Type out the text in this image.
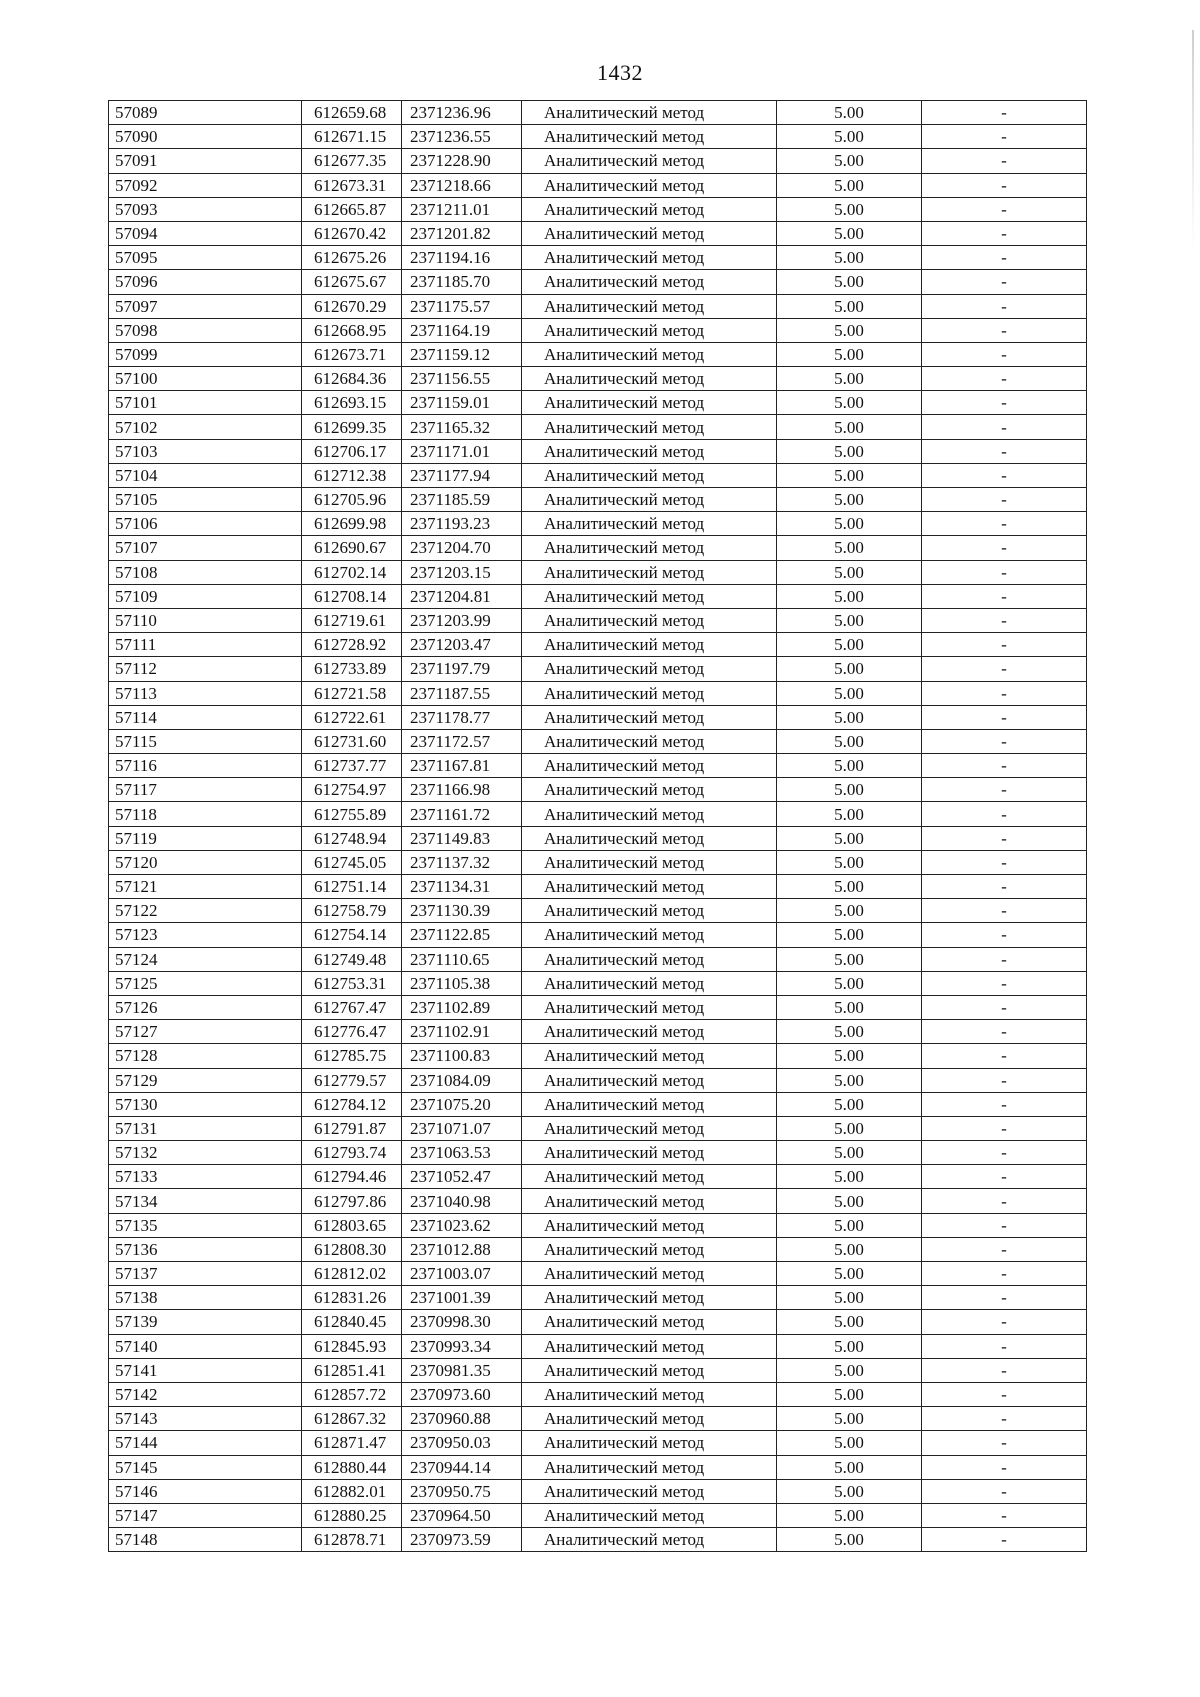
1432
57089	612659.68	2371236.96	Аналитический метод	5.00	-
57090	612671.15	2371236.55	Аналитический метод	5.00	-
57091	612677.35	2371228.90	Аналитический метод	5.00	-
57092	612673.31	2371218.66	Аналитический метод	5.00	-
57093	612665.87	2371211.01	Аналитический метод	5.00	-
57094	612670.42	2371201.82	Аналитический метод	5.00	-
57095	612675.26	2371194.16	Аналитический метод	5.00	-
57096	612675.67	2371185.70	Аналитический метод	5.00	-
57097	612670.29	2371175.57	Аналитический метод	5.00	-
57098	612668.95	2371164.19	Аналитический метод	5.00	-
57099	612673.71	2371159.12	Аналитический метод	5.00	-
57100	612684.36	2371156.55	Аналитический метод	5.00	-
57101	612693.15	2371159.01	Аналитический метод	5.00	-
57102	612699.35	2371165.32	Аналитический метод	5.00	-
57103	612706.17	2371171.01	Аналитический метод	5.00	-
57104	612712.38	2371177.94	Аналитический метод	5.00	-
57105	612705.96	2371185.59	Аналитический метод	5.00	-
57106	612699.98	2371193.23	Аналитический метод	5.00	-
57107	612690.67	2371204.70	Аналитический метод	5.00	-
57108	612702.14	2371203.15	Аналитический метод	5.00	-
57109	612708.14	2371204.81	Аналитический метод	5.00	-
57110	612719.61	2371203.99	Аналитический метод	5.00	-
57111	612728.92	2371203.47	Аналитический метод	5.00	-
57112	612733.89	2371197.79	Аналитический метод	5.00	-
57113	612721.58	2371187.55	Аналитический метод	5.00	-
57114	612722.61	2371178.77	Аналитический метод	5.00	-
57115	612731.60	2371172.57	Аналитический метод	5.00	-
57116	612737.77	2371167.81	Аналитический метод	5.00	-
57117	612754.97	2371166.98	Аналитический метод	5.00	-
57118	612755.89	2371161.72	Аналитический метод	5.00	-
57119	612748.94	2371149.83	Аналитический метод	5.00	-
57120	612745.05	2371137.32	Аналитический метод	5.00	-
57121	612751.14	2371134.31	Аналитический метод	5.00	-
57122	612758.79	2371130.39	Аналитический метод	5.00	-
57123	612754.14	2371122.85	Аналитический метод	5.00	-
57124	612749.48	2371110.65	Аналитический метод	5.00	-
57125	612753.31	2371105.38	Аналитический метод	5.00	-
57126	612767.47	2371102.89	Аналитический метод	5.00	-
57127	612776.47	2371102.91	Аналитический метод	5.00	-
57128	612785.75	2371100.83	Аналитический метод	5.00	-
57129	612779.57	2371084.09	Аналитический метод	5.00	-
57130	612784.12	2371075.20	Аналитический метод	5.00	-
57131	612791.87	2371071.07	Аналитический метод	5.00	-
57132	612793.74	2371063.53	Аналитический метод	5.00	-
57133	612794.46	2371052.47	Аналитический метод	5.00	-
57134	612797.86	2371040.98	Аналитический метод	5.00	-
57135	612803.65	2371023.62	Аналитический метод	5.00	-
57136	612808.30	2371012.88	Аналитический метод	5.00	-
57137	612812.02	2371003.07	Аналитический метод	5.00	-
57138	612831.26	2371001.39	Аналитический метод	5.00	-
57139	612840.45	2370998.30	Аналитический метод	5.00	-
57140	612845.93	2370993.34	Аналитический метод	5.00	-
57141	612851.41	2370981.35	Аналитический метод	5.00	-
57142	612857.72	2370973.60	Аналитический метод	5.00	-
57143	612867.32	2370960.88	Аналитический метод	5.00	-
57144	612871.47	2370950.03	Аналитический метод	5.00	-
57145	612880.44	2370944.14	Аналитический метод	5.00	-
57146	612882.01	2370950.75	Аналитический метод	5.00	-
57147	612880.25	2370964.50	Аналитический метод	5.00	-
57148	612878.71	2370973.59	Аналитический метод	5.00	-
